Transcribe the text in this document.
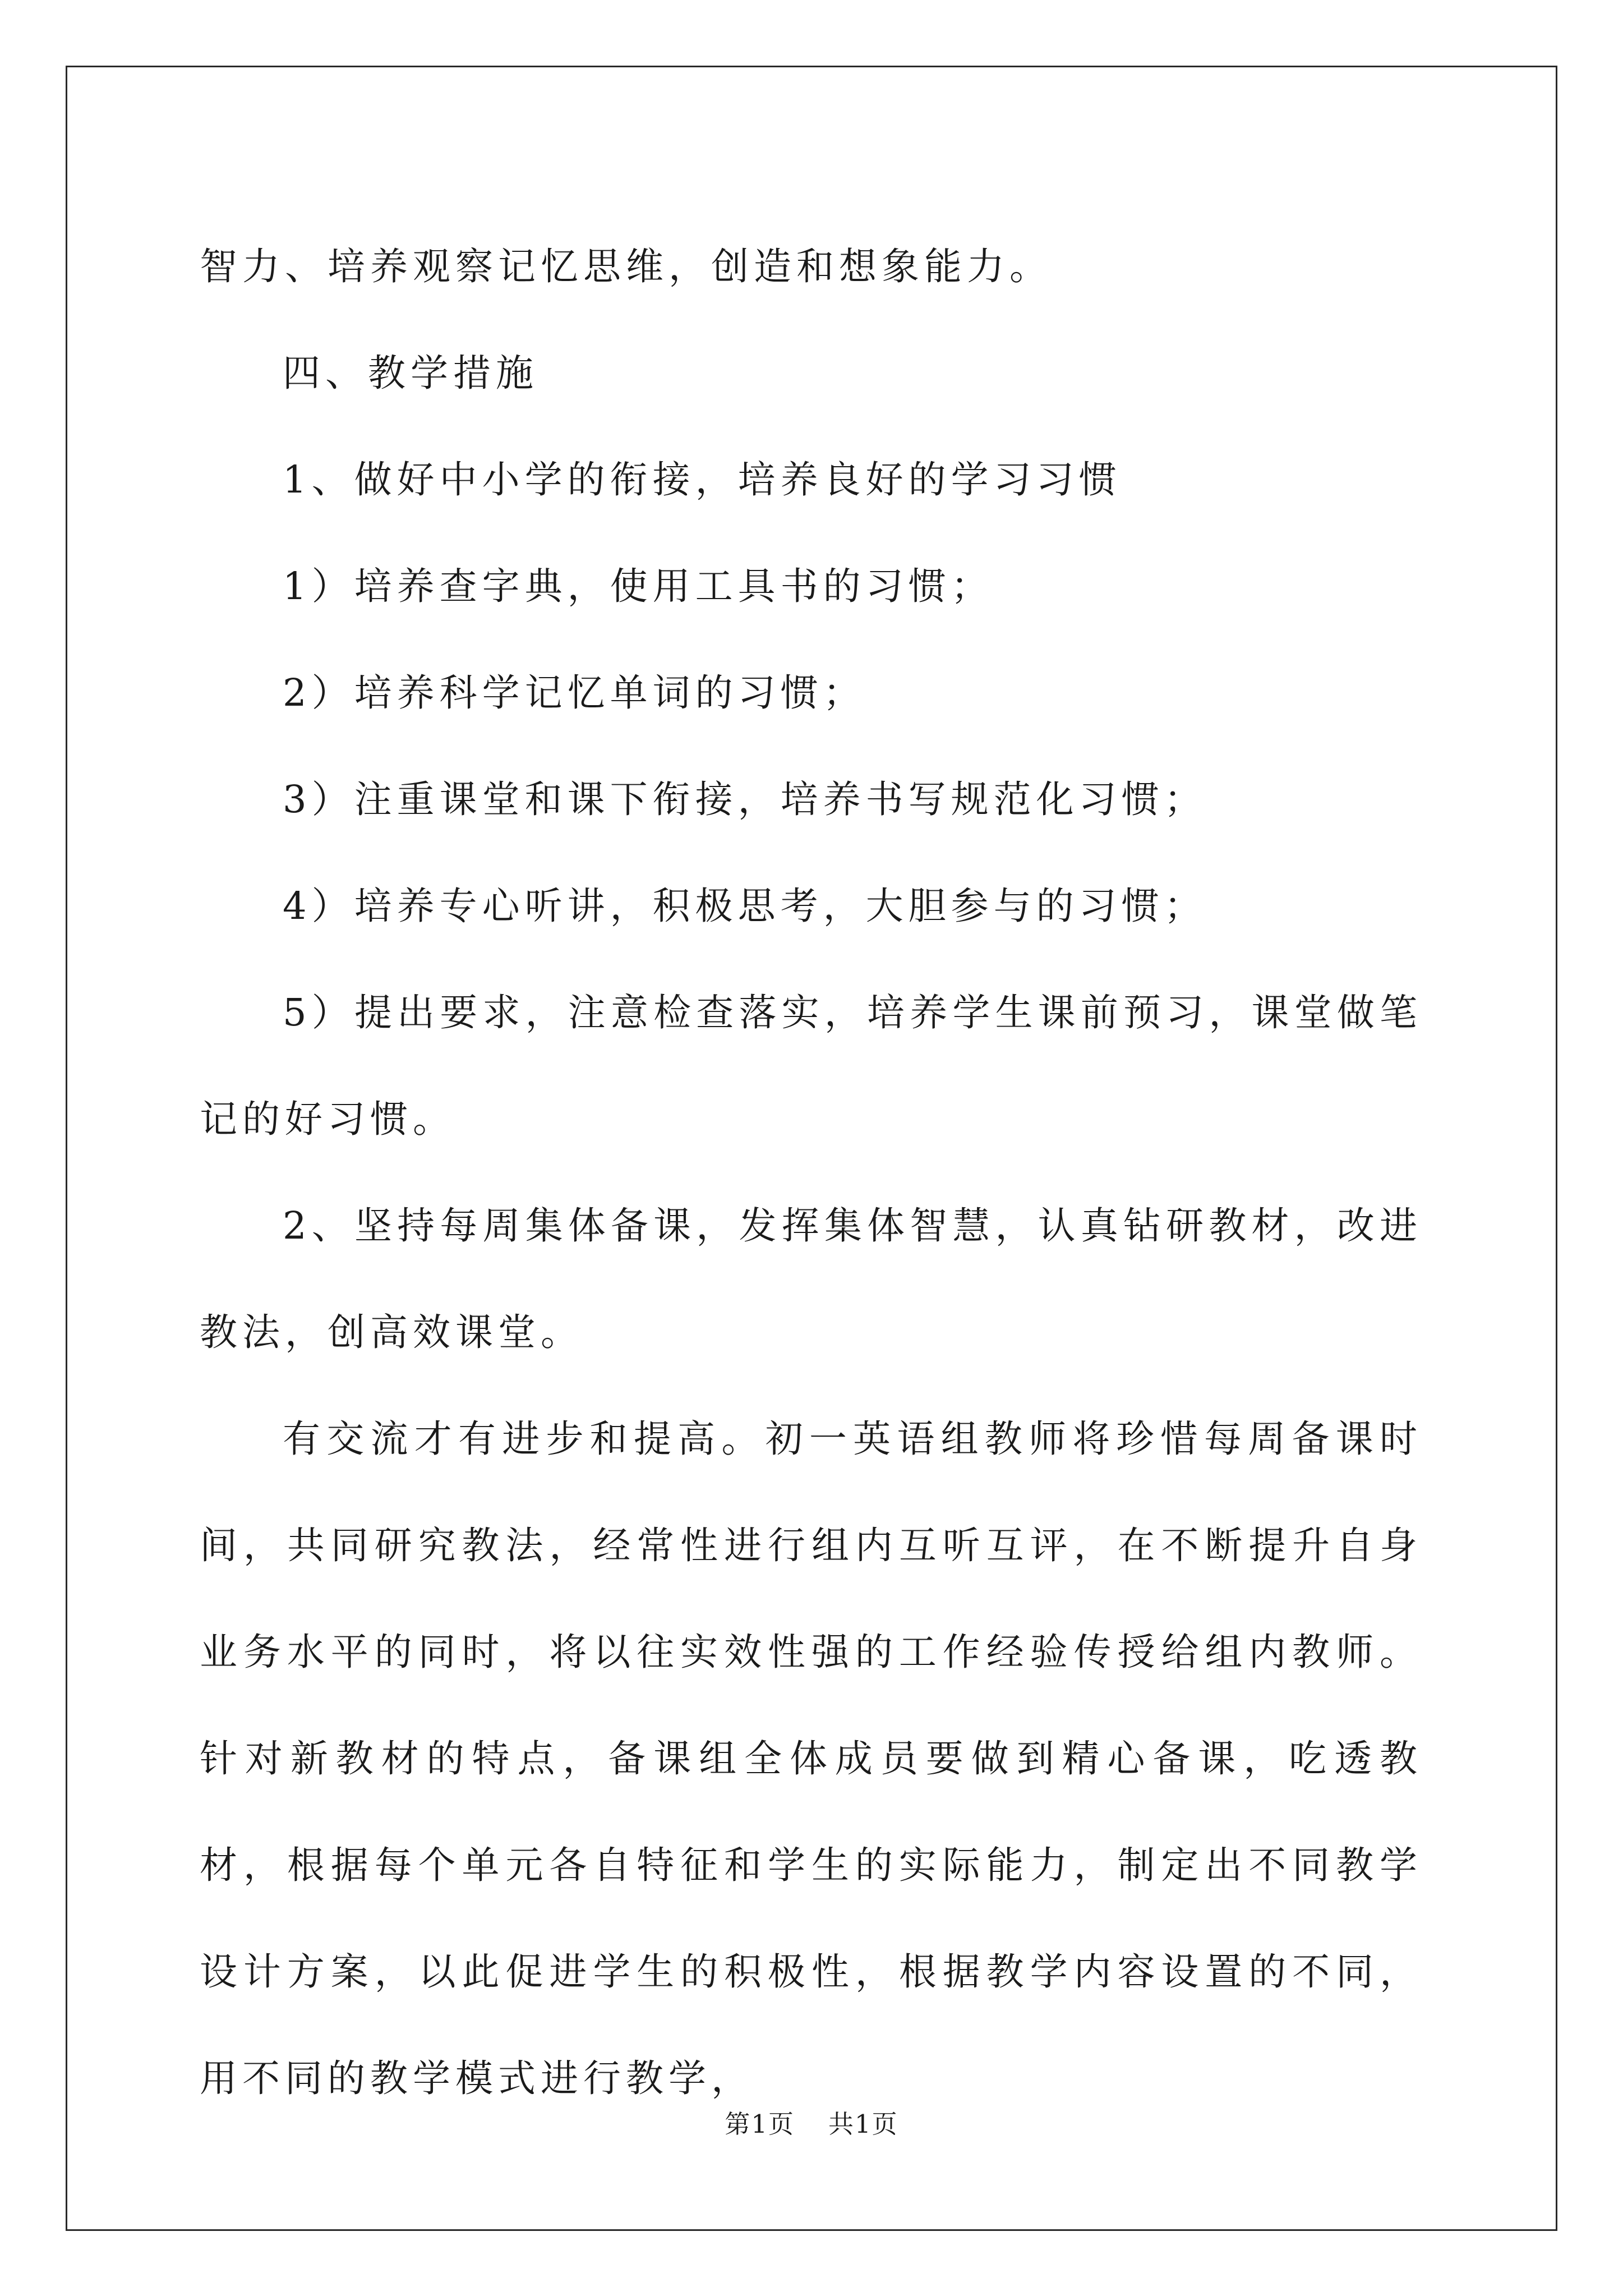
智力、培养观察记忆思维，创造和想象能力。

四、教学措施

1、做好中小学的衔接，培养良好的学习习惯

1）培养查字典，使用工具书的习惯；

2）培养科学记忆单词的习惯；

3）注重课堂和课下衔接，培养书写规范化习惯；

4）培养专心听讲，积极思考，大胆参与的习惯；

5）提出要求，注意检查落实，培养学生课前预习，课堂做笔记的好习惯。

2、坚持每周集体备课，发挥集体智慧，认真钻研教材，改进教法，创高效课堂。

有交流才有进步和提高。初一英语组教师将珍惜每周备课时间，共同研究教法，经常性进行组内互听互评，在不断提升自身业务水平的同时，将以往实效性强的工作经验传授给组内教师。针对新教材的特点，备课组全体成员要做到精心备课，吃透教材，根据每个单元各自特征和学生的实际能力，制定出不同教学设计方案，以此促进学生的积极性，根据教学内容设置的不同，用不同的教学模式进行教学，

第1页 共1页
